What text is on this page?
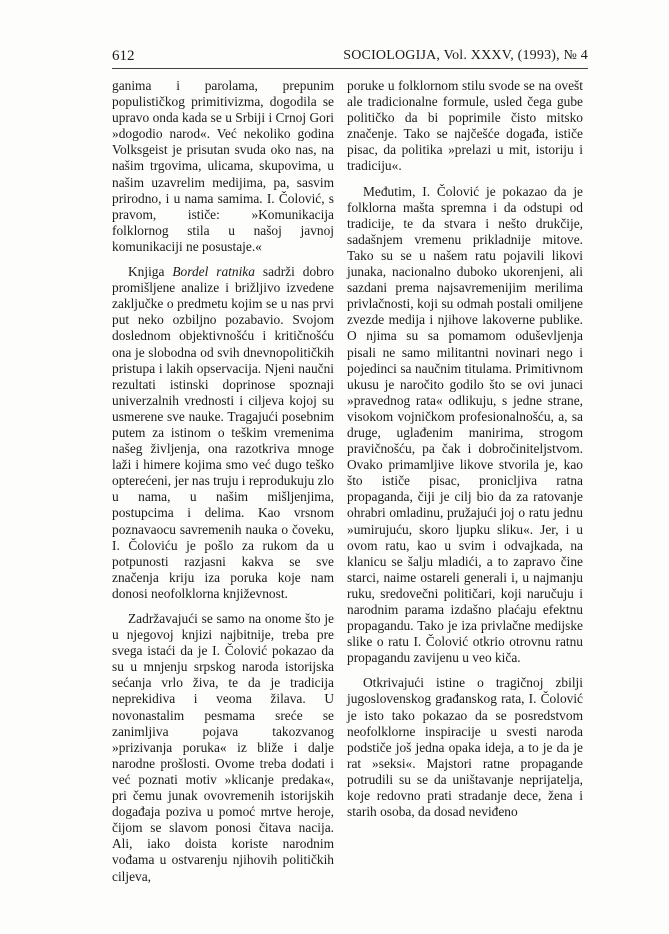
612	SOCIOLOGIJA, Vol. XXXV, (1993), № 4

ganima i parolama, prepunim populističkog primitivizma, dogodila se upravo onda kada se u Srbiji i Crnoj Gori »dogodio narod«. Već nekoliko godina Volksgeist je prisutan svuda oko nas, na našim trgovima, ulicama, skupovima, u našim uzavrelim medijima, pa, sasvim prirodno, i u nama samima. I. Čolović, s pravom, ističe: »Komunikacija folklornog stila u našoj javnoj komunikaciji ne posustaje.«

Knjiga Bordel ratnika sadrži dobro promišljene analize i brižljivo izvedene zaključke o predmetu kojim se u nas prvi put neko ozbiljno pozabavio. Svojom doslednom objektivnošću i kritičnošću ona je slobodna od svih dnevnopolitičkih pristupa i lakih opservacija. Njeni naučni rezultati istinski doprinose spoznaji univerzalnih vrednosti i ciljeva kojoj su usmerene sve nauke. Tragajući posebnim putem za istinom o teškim vremenima našeg življenja, ona razotkriva mnoge laži i himere kojima smo već dugo teško opterećeni, jer nas truju i reprodukuju zlo u nama, u našim mišljenjima, postupcima i delima. Kao vrsnom poznavaocu savremenih nauka o čoveku, I. Čoloviću je pošlo za rukom da u potpunosti razjasni kakva se sve značenja kriju iza poruka koje nam donosi neofolklorna književnost.

Zadržavajući se samo na onome što je u njegovoj knjizi najbitnije, treba pre svega istaći da je I. Čolović pokazao da su u mnjenju srpskog naroda istorijska sećanja vrlo živa, te da je tradicija neprekidiva i veoma žilava. U novonastalim pesmama sreće se zanimljiva pojava takozvanog »prizivanja poruka« iz bliže i dalje narodne prošlosti. Ovome treba dodati i već poznati motiv »klicanje predaka«, pri čemu junak ovovremenih istorijskih događaja poziva u pomoć mrtve heroje, čijom se slavom ponosi čitava nacija. Ali, iako doista koriste narodnim vođama u ostvarenju njihovih političkih ciljeva,

poruke u folklornom stilu svode se na ovešt ale tradicionalne formule, usled čega gube političko da bi poprimile čisto mitsko značenje. Tako se najčešće događa, ističe pisac, da politika »prelazi u mit, istoriju i tradiciju«.

Međutim, I. Čolović je pokazao da je folklorna mašta spremna i da odstupi od tradicije, te da stvara i nešto drukčije, sadašnjem vremenu prikladnije mitove. Tako su se u našem ratu pojavili likovi junaka, nacionalno duboko ukorenjeni, ali sazdani prema najsavremenijim merilima privlačnosti, koji su odmah postali omiljene zvezde medija i njihove lakoverne publike. O njima su sa pomamom oduševljenja pisali ne samo militantni novinari nego i pojedinci sa naučnim titulama. Primitivnom ukusu je naročito godilo što se ovi junaci »pravednog rata« odlikuju, s jedne strane, visokom vojničkom profesionalnošću, a, sa druge, uglađenim manirima, strogom pravičnošću, pa čak i dobročiniteljstvom. Ovako primamljive likove stvorila je, kao što ističe pisac, pronicljiva ratna propaganda, čiji je cilj bio da za ratovanje ohrabri omladinu, pružajući joj o ratu jednu »umirujuću, skoro ljupku sliku«. Jer, i u ovom ratu, kao u svim i odvajkada, na klanicu se šalju mladići, a to zapravo čine starci, naime ostareli generali i, u najmanju ruku, sredovečni političari, koji naručuju i narodnim parama izdašno plaćaju efektnu propagandu. Tako je iza privlačne medijske slike o ratu I. Čolović otkrio otrovnu ratnu propagandu zavijenu u veo kiča.

Otkrivajući istine o tragičnoj zbilji jugoslovenskog građanskog rata, I. Čolović je isto tako pokazao da se posredstvom neofolklorne inspiracije u svesti naroda podstiče još jedna opaka ideja, a to je da je rat »seksi«. Majstori ratne propagande potrudili su se da uništavanje neprijatelja, koje redovno prati stradanje dece, žena i starih osoba, da dosad neviđeno
